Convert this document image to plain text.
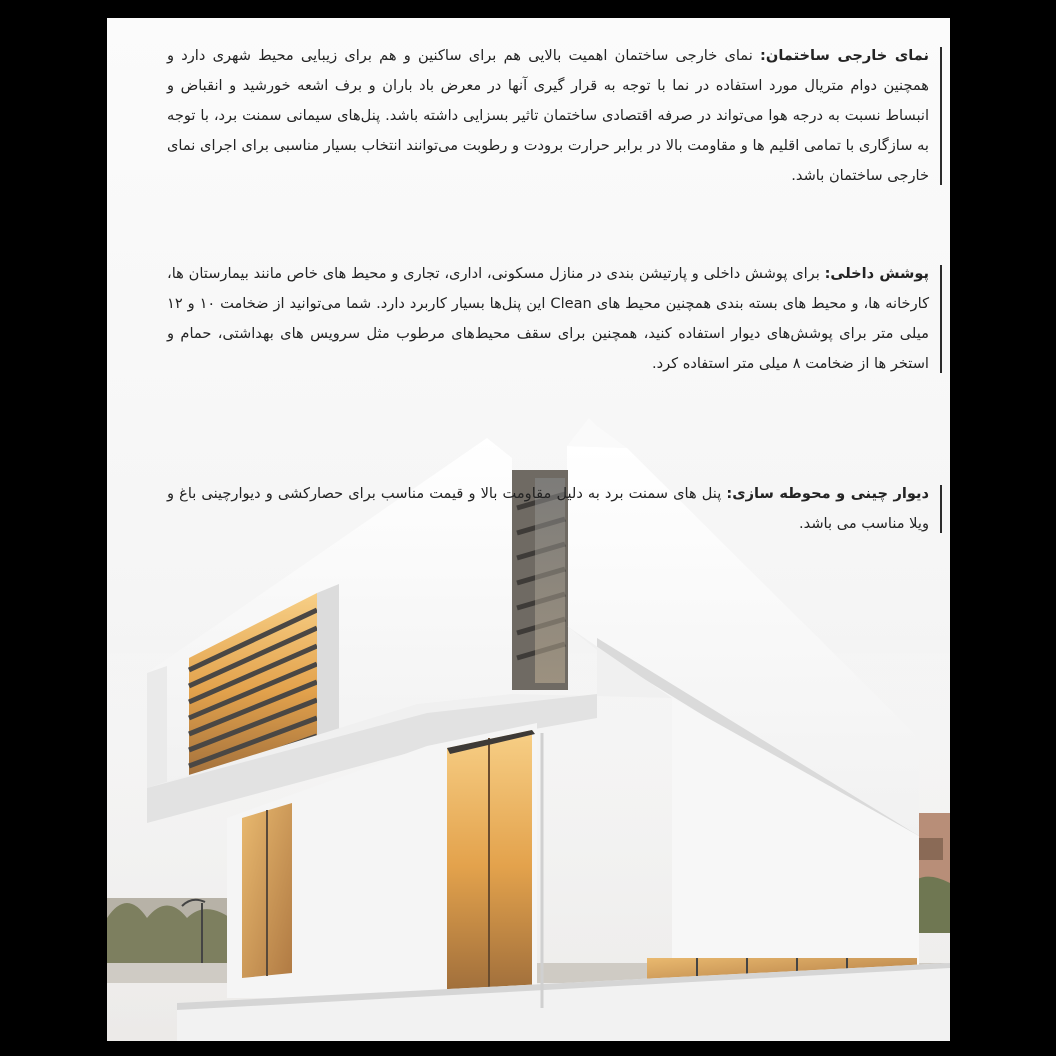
نمای خارجی ساختمان: نمای خارجی ساختمان اهمیت بالایی هم برای ساکنین و هم برای زیبایی محیط شهری دارد و همچنین دوام متریال مورد استفاده در نما با توجه به قرار گیری آنها در معرض باد باران و برف اشعه خورشید و انقباض و انبساط نسبت به درجه هوا می‌تواند در صرفه اقتصادی ساختمان تاثیر بسزایی داشته باشد. پنل‌های سیمانی سمنت برد، با توجه به سازگاری با تمامی اقلیم ها و مقاومت بالا در برابر حرارت برودت و رطوبت می‌توانند انتخاب بسیار مناسبی برای اجرای نمای خارجی ساختمان باشد.
پوشش داخلی: برای پوشش داخلی و پارتیشن بندی در منازل مسکونی، اداری، تجاری و محیط های خاص مانند بیمارستان ها، کارخانه ها، و محیط های بسته بندی همچنین محیط های Clean این پنل‌ها بسیار کاربرد دارد. شما می‌توانید از ضخامت ۱۰ و ۱۲ میلی متر برای پوشش‌های دیوار استفاده کنید، همچنین برای سقف محیط‌های مرطوب مثل سرویس های بهداشتی، حمام و استخر ها از ضخامت ۸ میلی متر استفاده کرد.
دیوار چینی و محوطه سازی: پنل های سمنت برد به دلیل مقاومت بالا و قیمت مناسب برای حصارکشی و دیوارچینی باغ و ویلا مناسب می باشد.
